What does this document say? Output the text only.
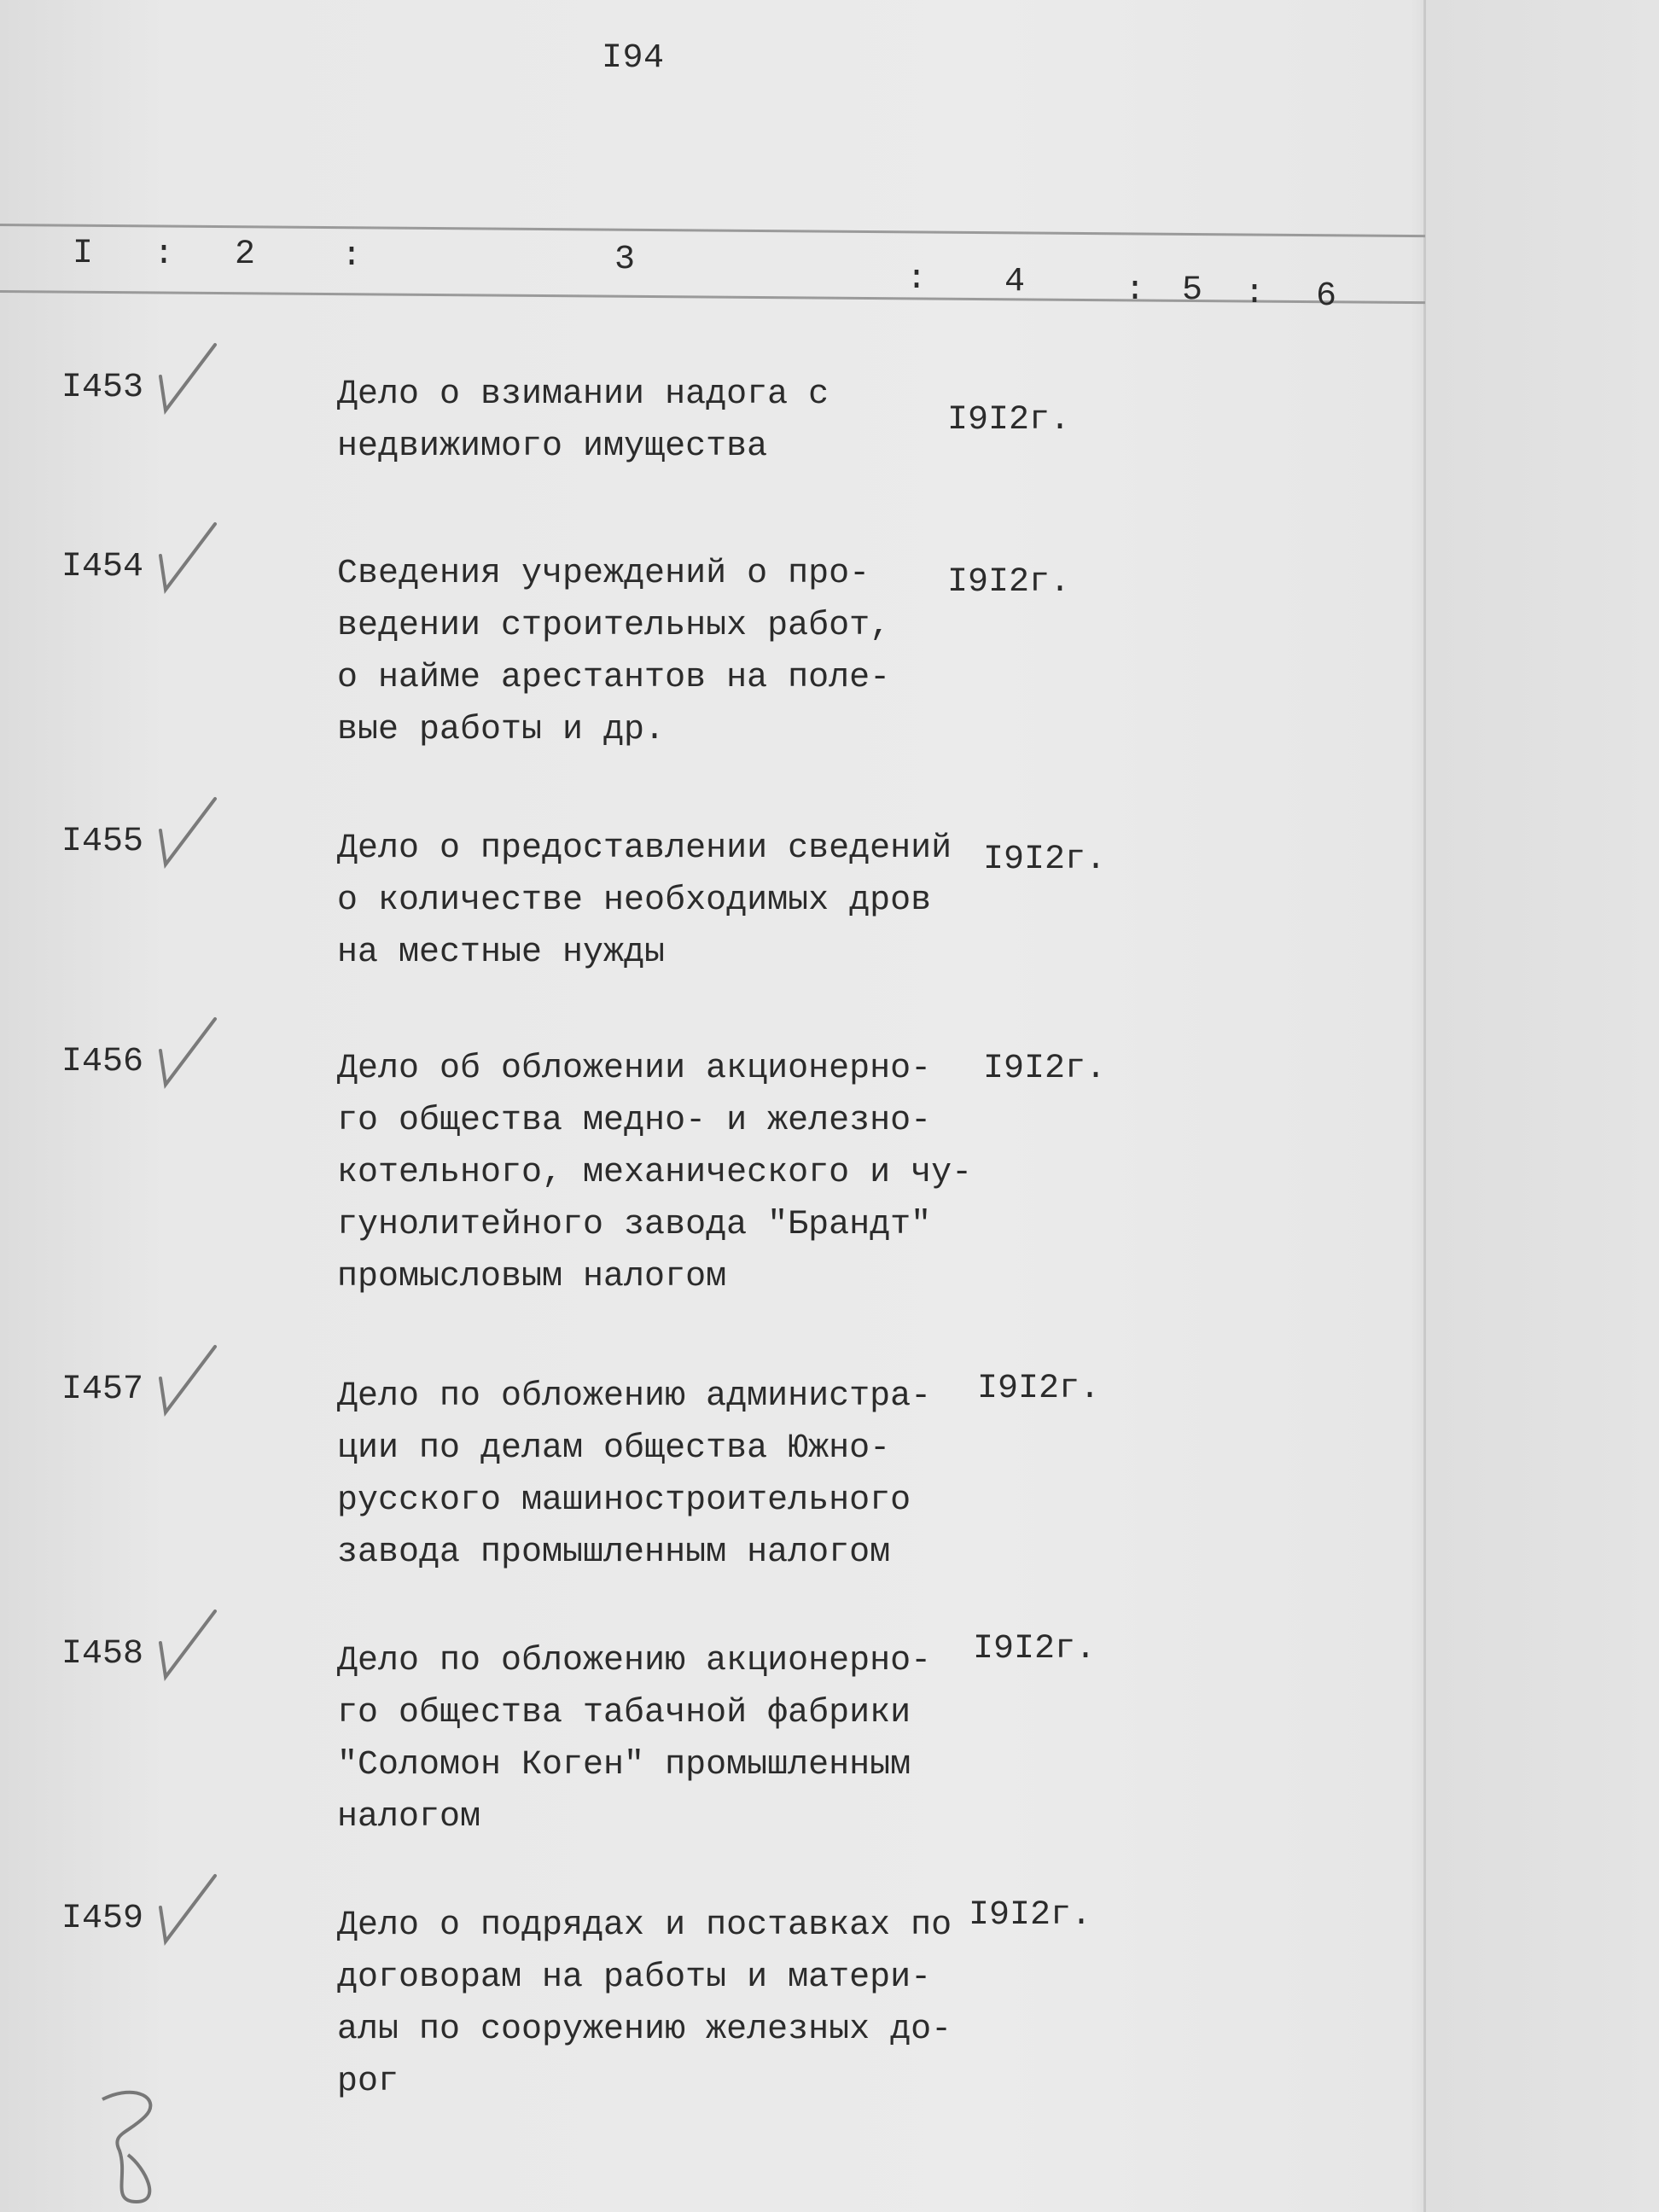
I94
I : 2	:	3
: 4	: 5 : 6
I453	Дело о взимании надога с
недвижимого имущества
I9I2г.
I454	Сведения учреждений о про-
ведении строительных работ,
о найме арестантов на поле-
вые работы и др.
I9I2г.
I455	Дело о предоставлении сведений
о количестве необходимых дров
на местные нужды
I9I2г.
I456	Дело об обложении акционерно-
го общества медно- и железно-
котельного, механического и чу-
гунолитейного завода "Брандт"
промысловым налогом
I9I2г.
I457	Дело по обложению администра-
ции по делам общества Южно-
русского машиностроительного
завода промышленным налогом
I9I2г.
I458	Дело по обложению акционерно-
го общества табачной фабрики
"Соломон Коген" промышленным
налогом
I9I2г.
I459	Дело о подрядах и поставках по
договорам на работы и матери-
алы по сооружению железных до-
рог
I9I2г.
